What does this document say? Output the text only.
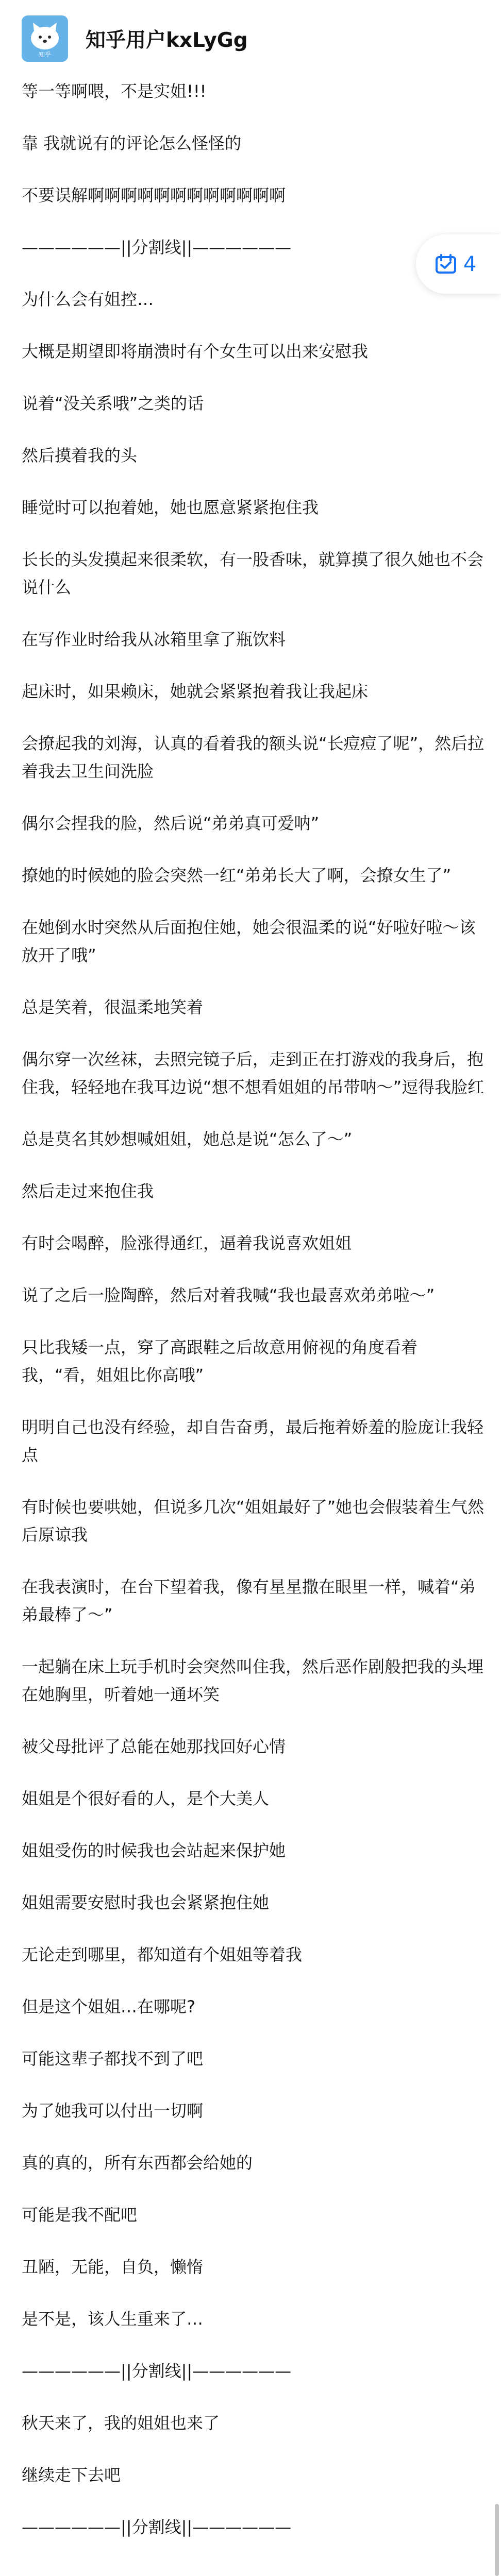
知乎
知乎用户kxLyGg
4

等一等啊喂，不是实姐!!!

靠 我就说有的评论怎么怪怪的

不要误解啊啊啊啊啊啊啊啊啊啊啊啊

——————||分割线||——————

为什么会有姐控…

大概是期望即将崩溃时有个女生可以出来安慰我

说着“没关系哦”之类的话

然后摸着我的头

睡觉时可以抱着她，她也愿意紧紧抱住我

长长的头发摸起来很柔软，有一股香味，就算摸了很久她也不会说什么

在写作业时给我从冰箱里拿了瓶饮料

起床时，如果赖床，她就会紧紧抱着我让我起床

会撩起我的刘海，认真的看着我的额头说“长痘痘了呢”，然后拉着我去卫生间洗脸

偶尔会捏我的脸，然后说“弟弟真可爱呐”

撩她的时候她的脸会突然一红“弟弟长大了啊，会撩女生了”

在她倒水时突然从后面抱住她，她会很温柔的说“好啦好啦～该放开了哦”

总是笑着，很温柔地笑着

偶尔穿一次丝袜，去照完镜子后，走到正在打游戏的我身后，抱住我，轻轻地在我耳边说“想不想看姐姐的吊带呐～”逗得我脸红

总是莫名其妙想喊姐姐，她总是说“怎么了～”

然后走过来抱住我

有时会喝醉，脸涨得通红，逼着我说喜欢姐姐

说了之后一脸陶醉，然后对着我喊“我也最喜欢弟弟啦～”

只比我矮一点，穿了高跟鞋之后故意用俯视的角度看着我，“看，姐姐比你高哦”

明明自己也没有经验，却自告奋勇，最后拖着娇羞的脸庞让我轻点

有时候也要哄她，但说多几次“姐姐最好了”她也会假装着生气然后原谅我

在我表演时，在台下望着我，像有星星撒在眼里一样，喊着“弟弟最棒了～”

一起躺在床上玩手机时会突然叫住我，然后恶作剧般把我的头埋在她胸里，听着她一通坏笑

被父母批评了总能在她那找回好心情

姐姐是个很好看的人，是个大美人

姐姐受伤的时候我也会站起来保护她

姐姐需要安慰时我也会紧紧抱住她

无论走到哪里，都知道有个姐姐等着我

但是这个姐姐…在哪呢?

可能这辈子都找不到了吧

为了她我可以付出一切啊

真的真的，所有东西都会给她的

可能是我不配吧

丑陋，无能，自负，懒惰

是不是，该人生重来了…

——————||分割线||——————

秋天来了，我的姐姐也来了

继续走下去吧

——————||分割线||——————
